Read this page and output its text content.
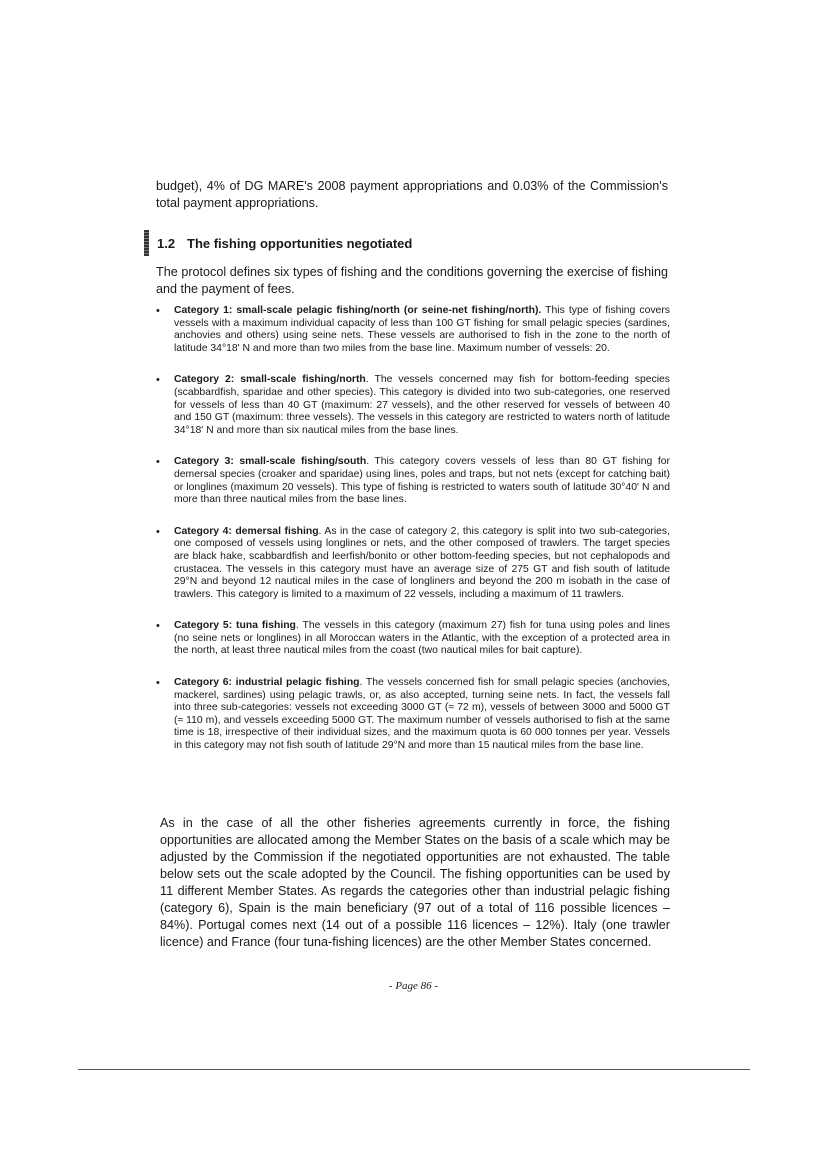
budget), 4% of DG MARE's 2008 payment appropriations and 0.03% of the Commission's total payment appropriations.

1.2 The fishing opportunities negotiated

The protocol defines six types of fishing and the conditions governing the exercise of fishing and the payment of fees.

• Category 1: small-scale pelagic fishing/north (or seine-net fishing/north). This type of fishing covers vessels with a maximum individual capacity of less than 100 GT fishing for small pelagic species (sardines, anchovies and others) using seine nets. These vessels are authorised to fish in the zone to the north of latitude 34°18' N and more than two miles from the base line. Maximum number of vessels: 20.
• Category 2: small-scale fishing/north. The vessels concerned may fish for bottom-feeding species (scabbardfish, sparidae and other species). This category is divided into two sub-categories, one reserved for vessels of less than 40 GT (maximum: 27 vessels), and the other reserved for vessels of between 40 and 150 GT (maximum: three vessels). The vessels in this category are restricted to waters north of latitude 34°18' N and more than six nautical miles from the base lines.
• Category 3: small-scale fishing/south. This category covers vessels of less than 80 GT fishing for demersal species (croaker and sparidae) using lines, poles and traps, but not nets (except for catching bait) or longlines (maximum 20 vessels). This type of fishing is restricted to waters south of latitude 30°40' N and more than three nautical miles from the base lines.
• Category 4: demersal fishing. As in the case of category 2, this category is split into two sub-categories, one composed of vessels using longlines or nets, and the other composed of trawlers. The target species are black hake, scabbardfish and leerfish/bonito or other bottom-feeding species, but not cephalopods and crustacea. The vessels in this category must have an average size of 275 GT and fish south of latitude 29°N and beyond 12 nautical miles in the case of longliners and beyond the 200 m isobath in the case of trawlers. This category is limited to a maximum of 22 vessels, including a maximum of 11 trawlers.
• Category 5: tuna fishing. The vessels in this category (maximum 27) fish for tuna using poles and lines (no seine nets or longlines) in all Moroccan waters in the Atlantic, with the exception of a protected area in the north, at least three nautical miles from the coast (two nautical miles for bait capture).
• Category 6: industrial pelagic fishing. The vessels concerned fish for small pelagic species (anchovies, mackerel, sardines) using pelagic trawls, or, as also accepted, turning seine nets. In fact, the vessels fall into three sub-categories: vessels not exceeding 3000 GT (≈ 72 m), vessels of between 3000 and 5000 GT (≈ 110 m), and vessels exceeding 5000 GT. The maximum number of vessels authorised to fish at the same time is 18, irrespective of their individual sizes, and the maximum quota is 60 000 tonnes per year. Vessels in this category may not fish south of latitude 29°N and more than 15 nautical miles from the base line.

As in the case of all the other fisheries agreements currently in force, the fishing opportunities are allocated among the Member States on the basis of a scale which may be adjusted by the Commission if the negotiated opportunities are not exhausted. The table below sets out the scale adopted by the Council. The fishing opportunities can be used by 11 different Member States. As regards the categories other than industrial pelagic fishing (category 6), Spain is the main beneficiary (97 out of a total of 116 possible licences – 84%). Portugal comes next (14 out of a possible 116 licences – 12%). Italy (one trawler licence) and France (four tuna-fishing licences) are the other Member States concerned.

- Page 86 -
